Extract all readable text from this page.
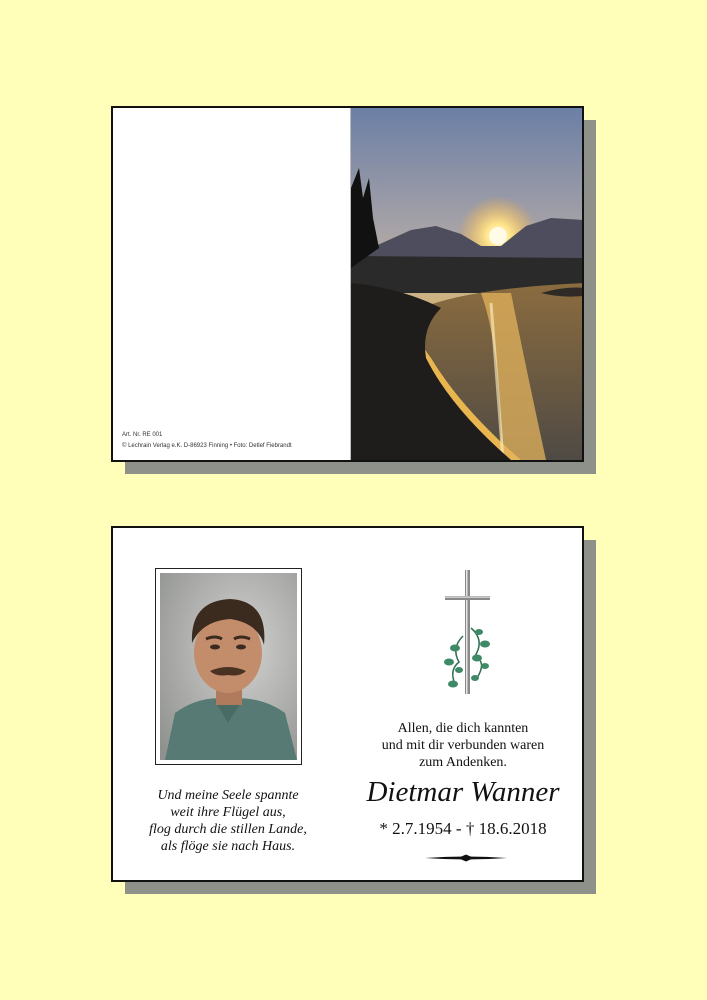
Art. Nr. RE 001
© Lechrain Verlag e.K. D-86923 Finning • Foto: Detlef Fiebrandt
Und meine Seele spannte
weit ihre Flügel aus,
flog durch die stillen Lande,
als flöge sie nach Haus.
Allen, die dich kannten
und mit dir verbunden waren
zum Andenken.
Dietmar Wanner
* 2.7.1954 - † 18.6.2018
